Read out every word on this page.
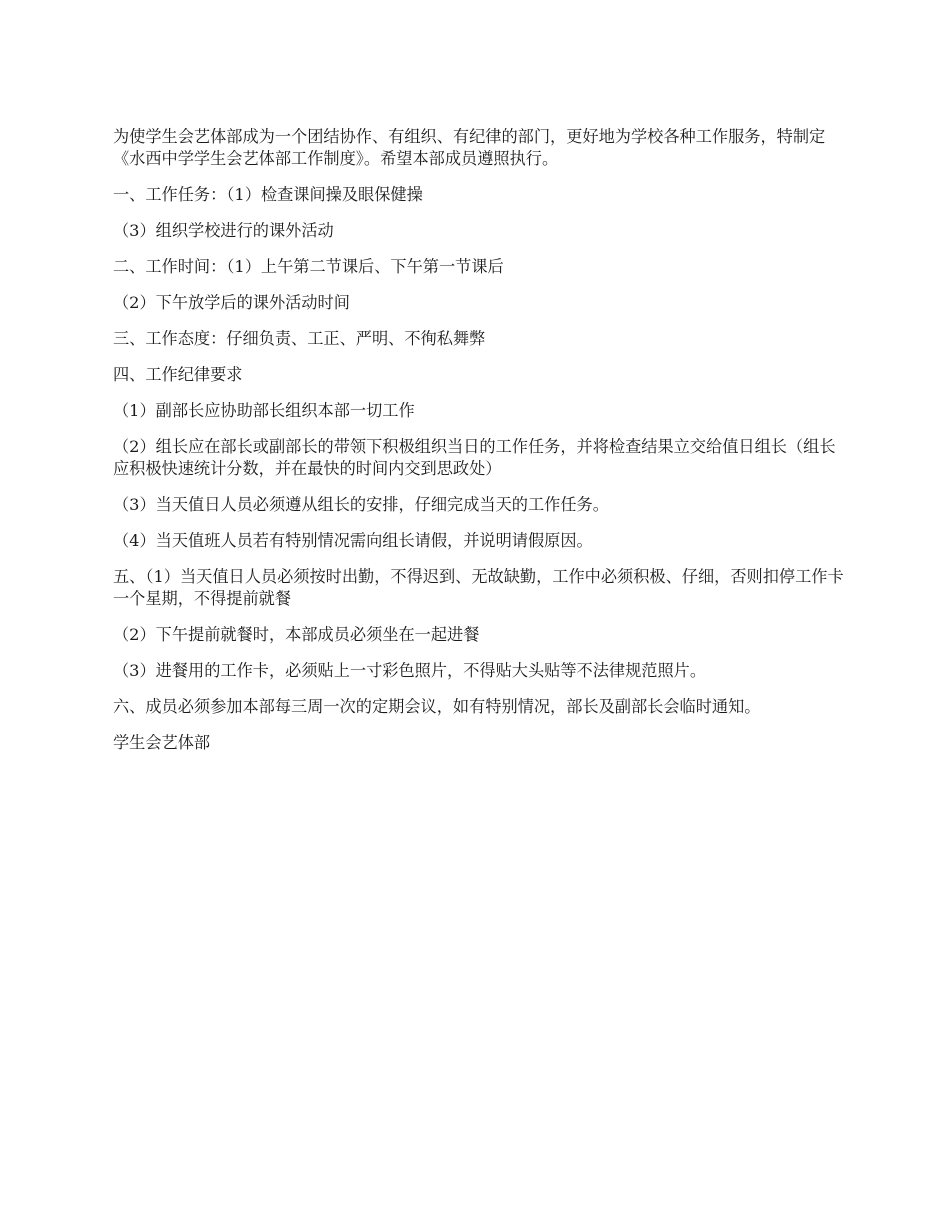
为使学生会艺体部成为一个团结协作、有组织、有纪律的部门，更好地为学校各种工作服务，特制定《水西中学学生会艺体部工作制度》。希望本部成员遵照执行。

一、工作任务：（1）检查课间操及眼保健操

（3）组织学校进行的课外活动

二、工作时间：（1）上午第二节课后、下午第一节课后

（2）下午放学后的课外活动时间

三、工作态度：仔细负责、工正、严明、不徇私舞弊

四、工作纪律要求

（1）副部长应协助部长组织本部一切工作

（2）组长应在部长或副部长的带领下积极组织当日的工作任务，并将检查结果立交给值日组长（组长应积极快速统计分数，并在最快的时间内交到思政处）

（3）当天值日人员必须遵从组长的安排，仔细完成当天的工作任务。

（4）当天值班人员若有特别情况需向组长请假，并说明请假原因。

五、（1）当天值日人员必须按时出勤，不得迟到、无故缺勤，工作中必须积极、仔细，否则扣停工作卡一个星期，不得提前就餐

（2）下午提前就餐时，本部成员必须坐在一起进餐

（3）进餐用的工作卡，必须贴上一寸彩色照片，不得贴大头贴等不法律规范照片。

六、成员必须参加本部每三周一次的定期会议，如有特别情况，部长及副部长会临时通知。

学生会艺体部
